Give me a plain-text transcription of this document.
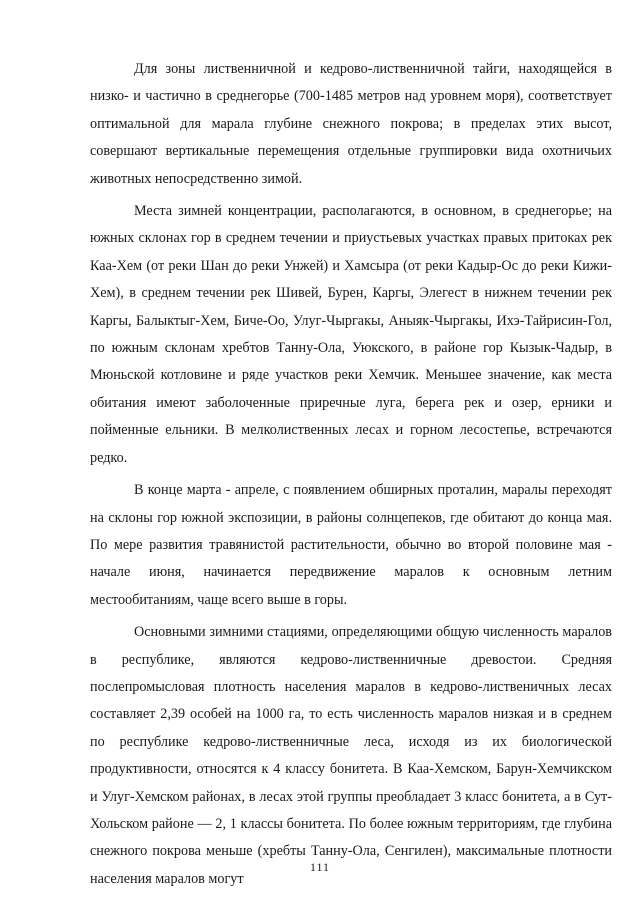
Для зоны лиственничной и кедрово-лиственничной тайги, находящейся в низко- и частично в среднегорье (700-1485 метров над уровнем моря), соответствует оптимальной для марала глубине снежного покрова; в пределах этих высот, совершают вертикальные перемещения отдельные группировки вида охотничьих животных непосредственно зимой.

Места зимней концентрации, располагаются, в основном, в среднегорье; на южных склонах гор в среднем течении и приустьевых участках правых притоках рек Каа-Хем (от реки Шан до реки Унжей) и Хамсыра (от реки Кадыр-Ос до реки Кижи-Хем), в среднем течении рек Шивей, Бурен, Каргы, Элегест в нижнем течении рек Каргы, Балыктыг-Хем, Биче-Оо, Улуг-Чыргакы, Аныяк-Чыргакы, Ихэ-Тайрисин-Гол, по южным склонам хребтов Танну-Ола, Уюкского, в районе гор Кызык-Чадыр, в Мюньской котловине и ряде участков реки Хемчик. Меньшее значение, как места обитания имеют заболоченные приречные луга, берега рек и озер, ерники и пойменные ельники. В мелколиственных лесах и горном лесостепье, встречаются редко.

В конце марта - апреле, с появлением обширных проталин, маралы переходят на склоны гор южной экспозиции, в районы солнцепеков, где обитают до конца мая. По мере развития травянистой растительности, обычно во второй половине мая - начале июня, начинается передвижение маралов к основным летним местообитаниям, чаще всего выше в горы.

Основными зимними стациями, определяющими общую численность маралов в республике, являются кедрово-лиственничные древостои. Средняя послепромысловая плотность населения маралов в кедрово-лиственичных лесах составляет 2,39 особей на 1000 га, то есть численность маралов низкая и в среднем по республике кедрово-лиственничные леса, исходя из их биологической продуктивности, относятся к 4 классу бонитета. В Каа-Хемском, Барун-Хемчикском и Улуг-Хемском районах, в лесах этой группы преобладает 3 класс бонитета, а в Сут-Хольском районе — 2, 1 классы бонитета. По более южным территориям, где глубина снежного покрова меньше (хребты Танну-Ола, Сенгилен), максимальные плотности населения маралов могут

111
